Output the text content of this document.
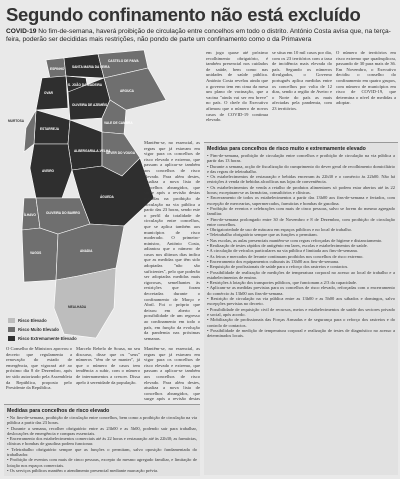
Segundo confinamento não está excluído
COVID-19 No fim-de-semana, haverá proibição de circulação entre concelhos em todo o distrito. António Costa avisa que, na terça-feira, poderão ser decididas mais restrições, não pondo de parte um confinamento como o da Primavera
ESPINHO SANTA MARIA DA FEIRA
CASTELO DE PAIVA
AROUCA
OVAR
S. JOÃO DA MADEIRA
OLIVEIRA DE AZEMÉIS
VALE DE CAMBRA
ESTARREJA
MURTOSA
ALBERGARIA-A-VELHA
SEVER DO VOUGA
AVEIRO
ÁGUEDA
ÍLHAVO
VAGOS
OLIVEIRA DO BAIRRO
ANADIA
MEALHADA
Risco Elevado
Risco Muito Elevado
Risco Extremamente Elevado
Mantêm-se, no essencial, as regras que já estavam em vigor para os concelhos de risco elevado e extremo, que passam a aplicar-se também aos concelhos de risco elevado. Para além destes, atualiza a nova lista de concelhos abrangidos, que surge após a revisão destas medidas na proibição de circulação na via pública a partir das 23 horas, sendo este o perfil da totalidade de circulação entre concelhos, que se aplica também aos municípios de risco moderado. O primeiro-ministro, António Costa, adiantou que o número de casos nos últimos dias indica que as medidas que têm sido adoptadas "não são suficientes", pelo que poderão ser adoptadas medidas mais rigorosas, semelhantes às restrições que foram decretadas durante o confinamento de Março e Abril. Foi o próprio que deixou em aberto a possibilidade de um regresso ao confinamento em todo o país, em função da evolução da pandemia nas próximas semanas.
O Conselho de Ministros aprovou o decreto que regulamenta a renovação do estado de emergência, que vigorará até ao próximo dia 8 de Dezembro, após ter sido autorizado pela Assembleia da República, proposto pelo Presidente da República.
Marcelo Rebelo de Sousa, no seu discurso, disse que os "seus" números "têm de se manter", já que o número de casos tem tendência a subir, com o número de internamentos a crescer. Dissa apelo à serenidade da população.
Mantêm-se, no essencial, as regras que já estavam em vigor para os concelhos de risco elevado e extremo, que passam a aplicar-se também aos concelhos de risco elevado. Para além destes, atualiza a nova lista de concelhos abrangidos, que surge após a revisão destas
em jogo quase até próximo recolhimento obrigatório, é também presencial nos cuidados de saúde, bem como nas unidades de saúde pública. António Costa revelou ainda que o governo tem em cima da mesa um plano de vacinação, que a vacina "ainda vai ser em breve" no país. O chefe do Executivo afirmou que o número de novos casos de COVID-19 continua elevado.
se situa em 10 mil casos por dia, com os 23 territórios com a taxa de incidência mais elevada do país. Segundo os números divulgados, o Governo português aplica medidas entre os concelhos por volta de 12 dias, sendo a região de Aveiro e o Norte do país as mais afectadas pela pandemia, com 23 territórios.
O número de territórios em risco extremo que quadruplicou, passando de 30 para mais de 36. Em Novembro, o Executivo decidiu o conselho do confinamento em quatro grupos, com número de municípios em risco de COVID-19, que determina o nível de medidas a adoptar.
Medidas para concelhos de risco muito e extremamente elevado
• Fim-de-semana, proibição de circulação entre concelhos e proibição de circulação na via pública a partir das 13 horas.
• Durante a semana, acção de fiscalização do cumprimento do dever geral de recolhimento domiciliário e das regras de teletrabalho.
• Os estabelecimentos de restauração e bebidas encerram às 22h30 e o comércio às 22h00. Não há restrições à venda de bebidas alcoólicas nas lojas de conveniência.
• Os estabelecimentos de venda a retalho de produtos alimentares só podem estar abertos até às 22 horas; exceptuam-se as farmácias, consultórios e clínicas.
• Encerramento de todos os estabelecimentos a partir das 13h00 aos fins-de-semana e feriados, com excepção de mercearias, supermercados, farmácias e bombas de gasolina.
• Proibição de eventos e celebrações com mais de cinco pessoas, salvo se forem do mesmo agregado familiar.
• Fim-de-semana prolongado entre 30 de Novembro e 8 de Dezembro, com proibição de circulação entre concelhos.
• Obrigatoriedade de uso de máscara em espaços públicos e no local de trabalho.
• Teletrabalho obrigatório sempre que as funções o permitam.
• Nas escolas, as aulas presenciais mantêm-se com regras reforçadas de higiene e distanciamento.
• Realização de testes rápidos de antigénio em lares, escolas e estabelecimentos de saúde.
• A circulação de veículos particulares na via pública é limitada aos fins-de-semana.
• As feiras e mercados de levante continuam proibidos nos concelhos de risco extremo.
• Encerramento dos equipamentos culturais às 13h00 aos fins-de-semana.
• Requisição de profissionais de saúde para o reforço dos rastreios e contactos.
• Possibilidade de realização de medições de temperatura corporal no acesso ao local de trabalho e a estabelecimentos de ensino.
• Restrições à lotação dos transportes públicos, que funcionam a 2/3 da capacidade.
• Aplicam-se as medidas previstas para os concelhos de risco elevado, reforçadas com o encerramento do comércio às 13h00 aos fins-de-semana.
• Restrição de circulação na via pública entre as 13h00 e as 5h00 aos sábados e domingos, salvo excepções previstas no decreto.
• Possibilidade de requisição civil de recursos, meios e estabelecimentos de saúde dos sectores privado e social, após acordo.
• Mobilização de profissionais das Forças Armadas e de segurança para o reforço dos rastreios e do controlo de contactos.
• Possibilidade de medição de temperatura corporal e realização de testes de diagnóstico no acesso a determinados locais.
Medidas para concelhos de risco elevado
• No fim-de-semana, proibição de circulação entre concelhos, bem como a proibição de circulação na via pública a partir das 23 horas.
• Durante a semana, recolher obrigatório entre as 23h00 e as 5h00, podendo sair para trabalhar, deslocações de emergência e compras essenciais.
• Encerramento dos estabelecimentos comerciais até às 22 horas e restauração até às 22h30; as farmácias, clínicas e bombas de gasolina podem funcionar.
• Teletrabalho obrigatório sempre que as funções o permitam, salvo oposição fundamentada do trabalhador.
• Proibição de eventos com mais de cinco pessoas, excepto do mesmo agregado familiar, e limitação de lotação nos espaços comerciais.
• Os serviços públicos mantêm o atendimento presencial mediante marcação prévia.
